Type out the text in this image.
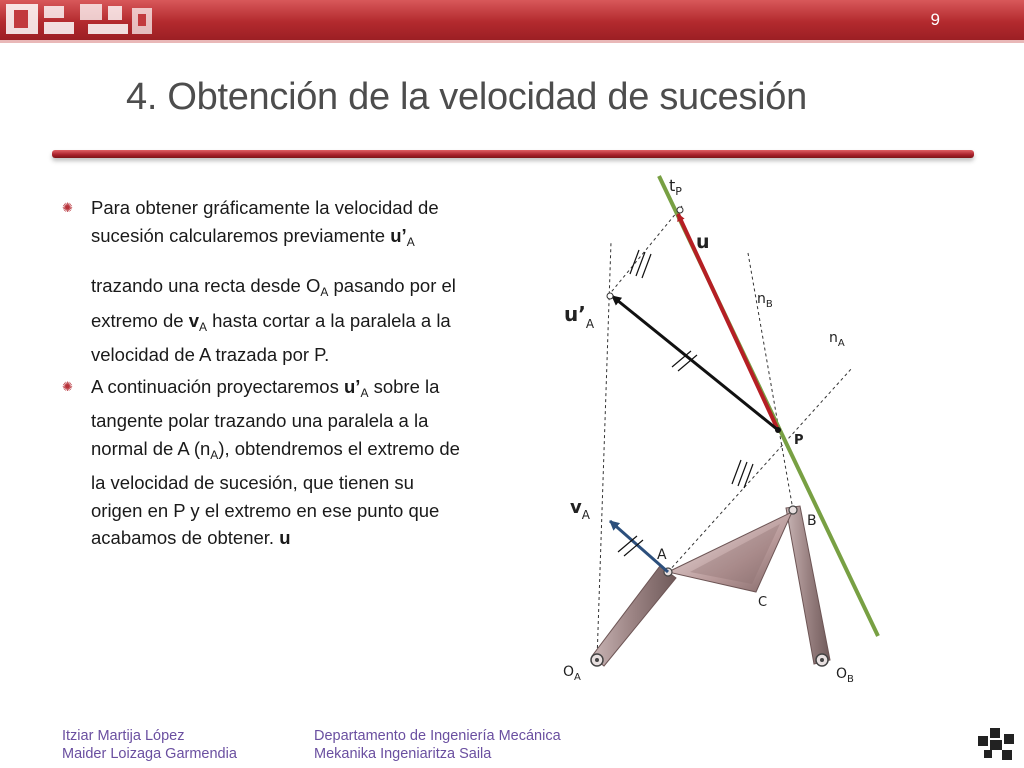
9
4. Obtención de la velocidad de sucesión
✺ Para obtener gráficamente la velocidad de sucesión calcularemos previamente $u’_A$ trazando una recta desde $O_A$ pasando por el extremo de $v_A$ hasta cortar a la paralela a la velocidad de A trazada por P.
✺ A continuación proyectaremos $u’_A$ sobre la tangente polar trazando una paralela a la normal de A $(n_A)$, obtendremos el extremo de la velocidad de sucesión, que tienen su origen en P y el extremo en ese punto que acabamos de obtener. u
$t_P$
u
$u’_A$
$n_B$
$n_A$
P
$v_A$
A
B
C
$O_A$	$O_B$
Itziar Martija López
Maider Loizaga Garmendia
Departamento de Ingeniería Mecánica
Mekanika Ingeniaritza Saila
